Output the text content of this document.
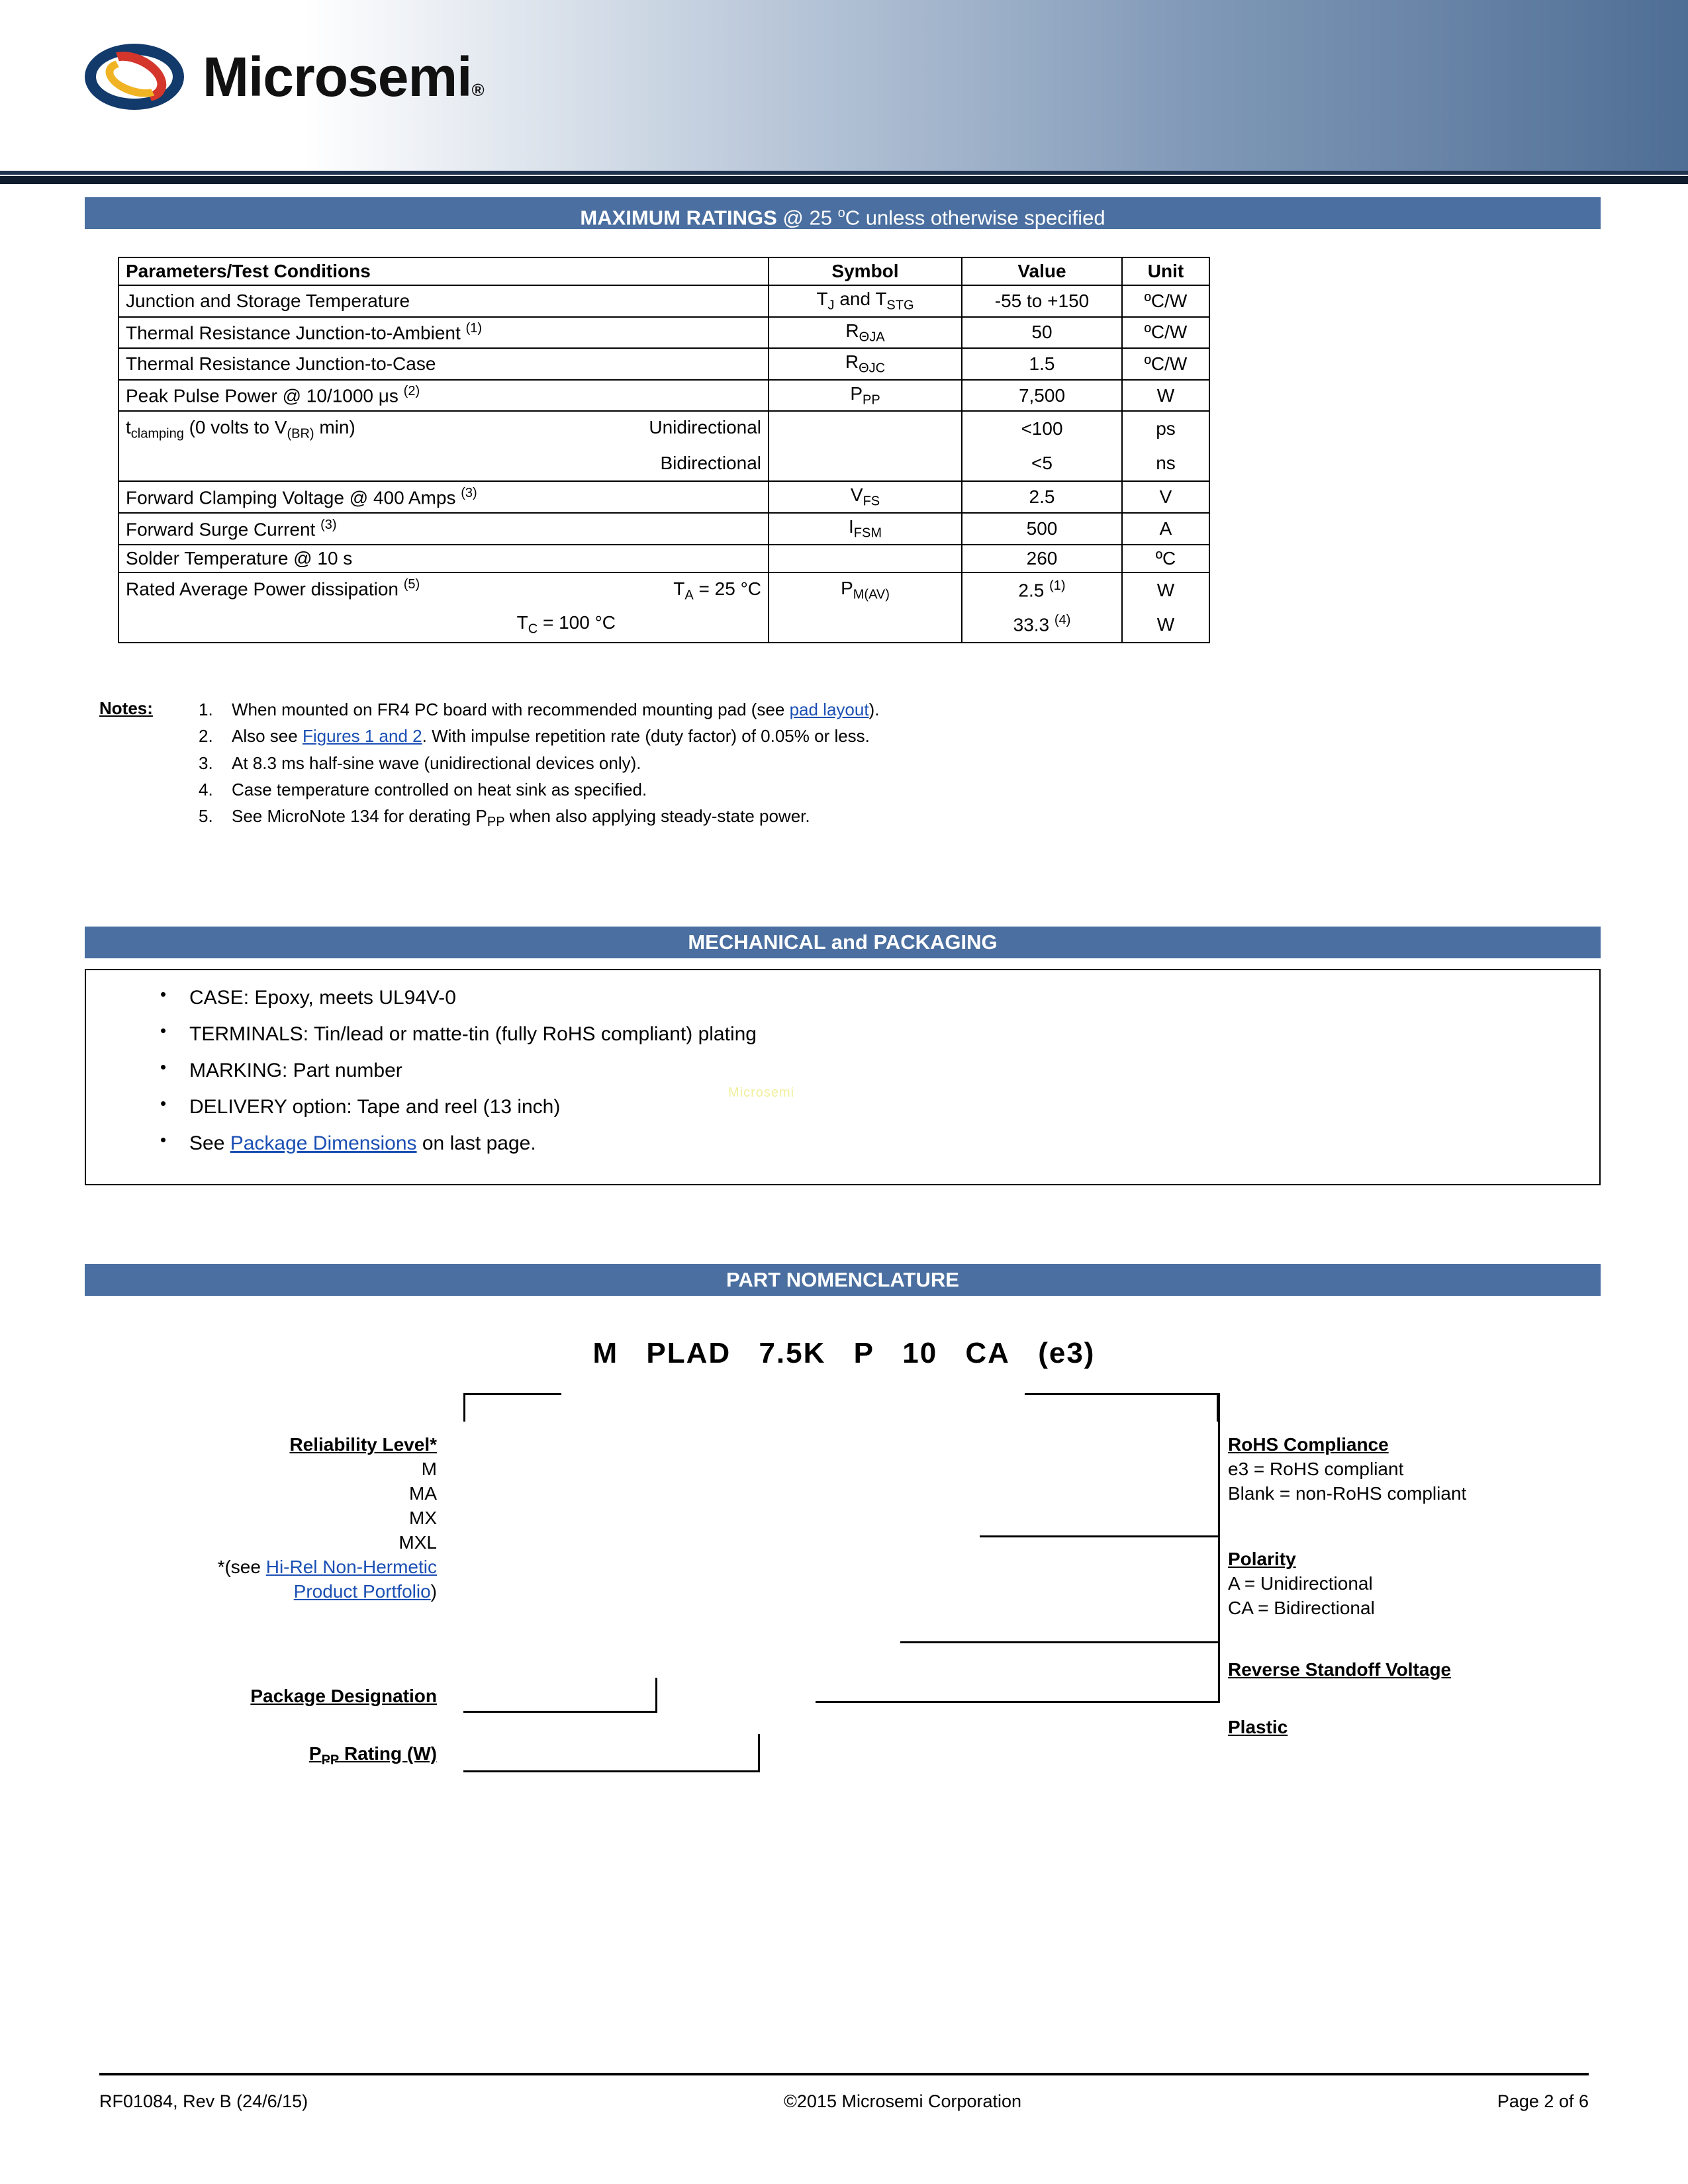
Microsemi®
MAXIMUM RATINGS @ 25 $^o$C unless otherwise specified
Parameters/Test Conditions	Symbol	Value	Unit
Junction and Storage Temperature	$T_J$ and $T_{STG}$	-55 to +150	ºC/W
Thermal Resistance Junction-to-Ambient $^{(1)}$	$R_{\Theta JA}$	50	ºC/W
Thermal Resistance Junction-to-Case	$R_{\Theta JC}$	1.5	ºC/W
Peak Pulse Power @ 10/1000 μs $^{(2)}$	$P_{PP}$	7,500	W

$t_{clamping}$ (0 volts to $V_{(BR)}$ min) Unidirectional		<100	ps
Bidirectional		<5	ns
Forward Clamping Voltage @ 400 Amps $^{(3)}$	$V_{FS}$	2.5	V
Forward Surge Current $^{(3)}$	$I_{FSM}$	500	A
Solder Temperature @ 10 s		260	ºC

Rated Average Power dissipation $^{(5)}$ $T_A = 25$ °C	$P_{M(AV)}$	2.5 $^{(1)}$	W
$T_C = 100$ °C		33.3 $^{(4)}$	W
Notes:	1. When mounted on FR4 PC board with recommended mounting pad (see pad layout).
2. Also see Figures 1 and 2. With impulse repetition rate (duty factor) of 0.05% or less.
3. At 8.3 ms half-sine wave (unidirectional devices only).
4. Case temperature controlled on heat sink as specified.
5. See MicroNote 134 for derating $P_{PP}$ when also applying steady-state power.
MECHANICAL and PACKAGING
• CASE: Epoxy, meets UL94V-0
• TERMINALS: Tin/lead or matte-tin (fully RoHS compliant) plating
• MARKING: Part number
• DELIVERY option: Tape and reel (13 inch)
• See Package Dimensions on last page.
Microsemi
PART NOMENCLATURE
M PLAD 7.5K P 10 CA (e3)
Reliability Level*
M
MA
MX
MXL
*(see Hi-Rel Non-Hermetic
Product Portfolio)
Package Designation
$P_{PP}$ Rating (W)
RoHS Compliance
e3 = RoHS compliant
Blank = non-RoHS compliant
Polarity
A = Unidirectional
CA = Bidirectional
Reverse Standoff Voltage
Plastic
RF01084, Rev B (24/6/15)	©2015 Microsemi Corporation	Page 2 of 6
